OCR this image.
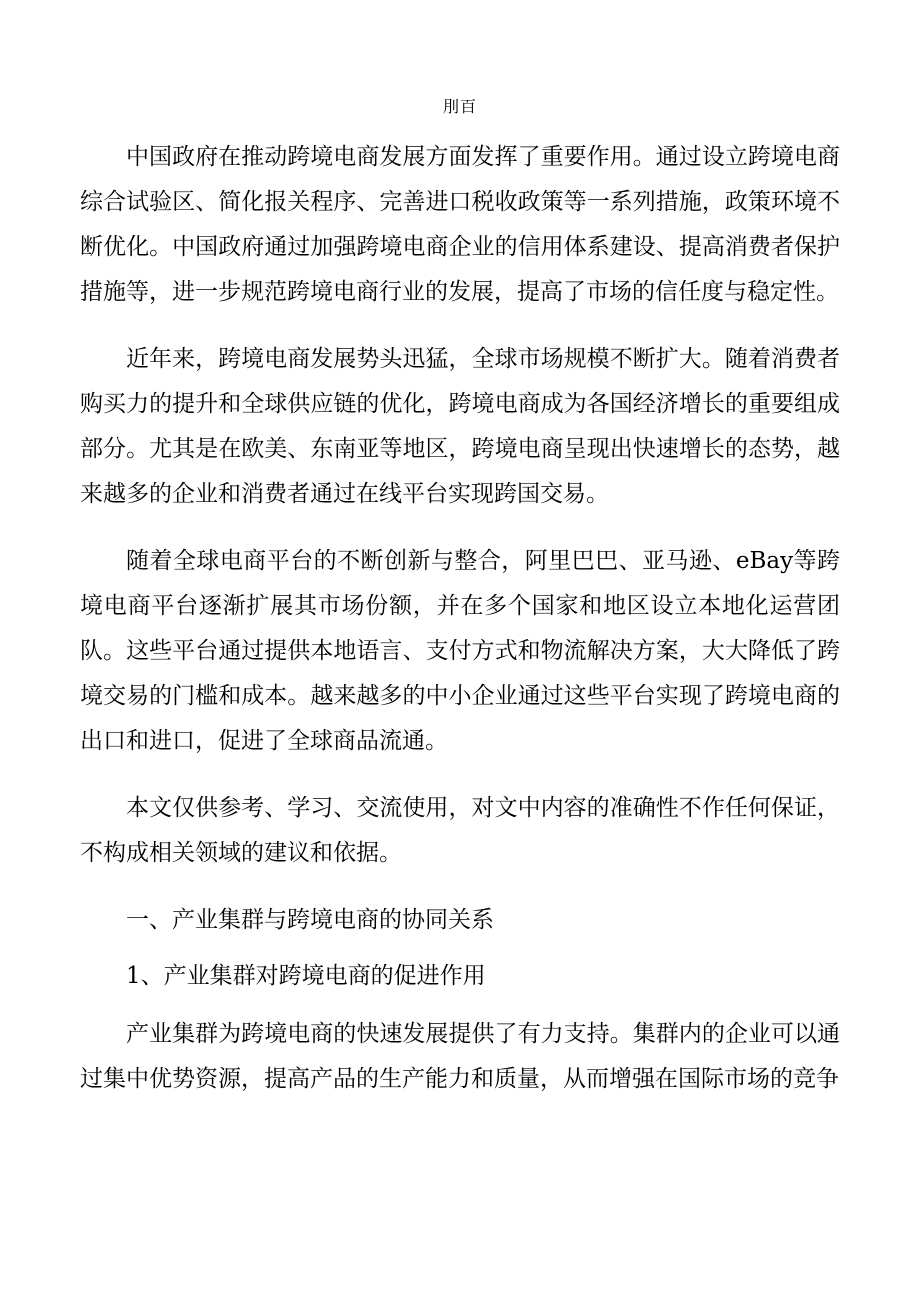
刖百

中国政府在推动跨境电商发展方面发挥了重要作用。通过设立跨境电商综合试验区、简化报关程序、完善进口税收政策等一系列措施，政策环境不断优化。中国政府通过加强跨境电商企业的信用体系建设、提高消费者保护措施等，进一步规范跨境电商行业的发展，提高了市场的信任度与稳定性。

近年来，跨境电商发展势头迅猛，全球市场规模不断扩大。随着消费者购买力的提升和全球供应链的优化，跨境电商成为各国经济增长的重要组成部分。尤其是在欧美、东南亚等地区，跨境电商呈现出快速增长的态势，越来越多的企业和消费者通过在线平台实现跨国交易。

随着全球电商平台的不断创新与整合，阿里巴巴、亚马逊、eBay等跨境电商平台逐渐扩展其市场份额，并在多个国家和地区设立本地化运营团队。这些平台通过提供本地语言、支付方式和物流解决方案，大大降低了跨境交易的门槛和成本。越来越多的中小企业通过这些平台实现了跨境电商的出口和进口，促进了全球商品流通。

本文仅供参考、学习、交流使用，对文中内容的准确性不作任何保证，不构成相关领域的建议和依据。

一、产业集群与跨境电商的协同关系

1、产业集群对跨境电商的促进作用

产业集群为跨境电商的快速发展提供了有力支持。集群内的企业可以通过集中优势资源，提高产品的生产能力和质量，从而增强在国际市场的竞争
